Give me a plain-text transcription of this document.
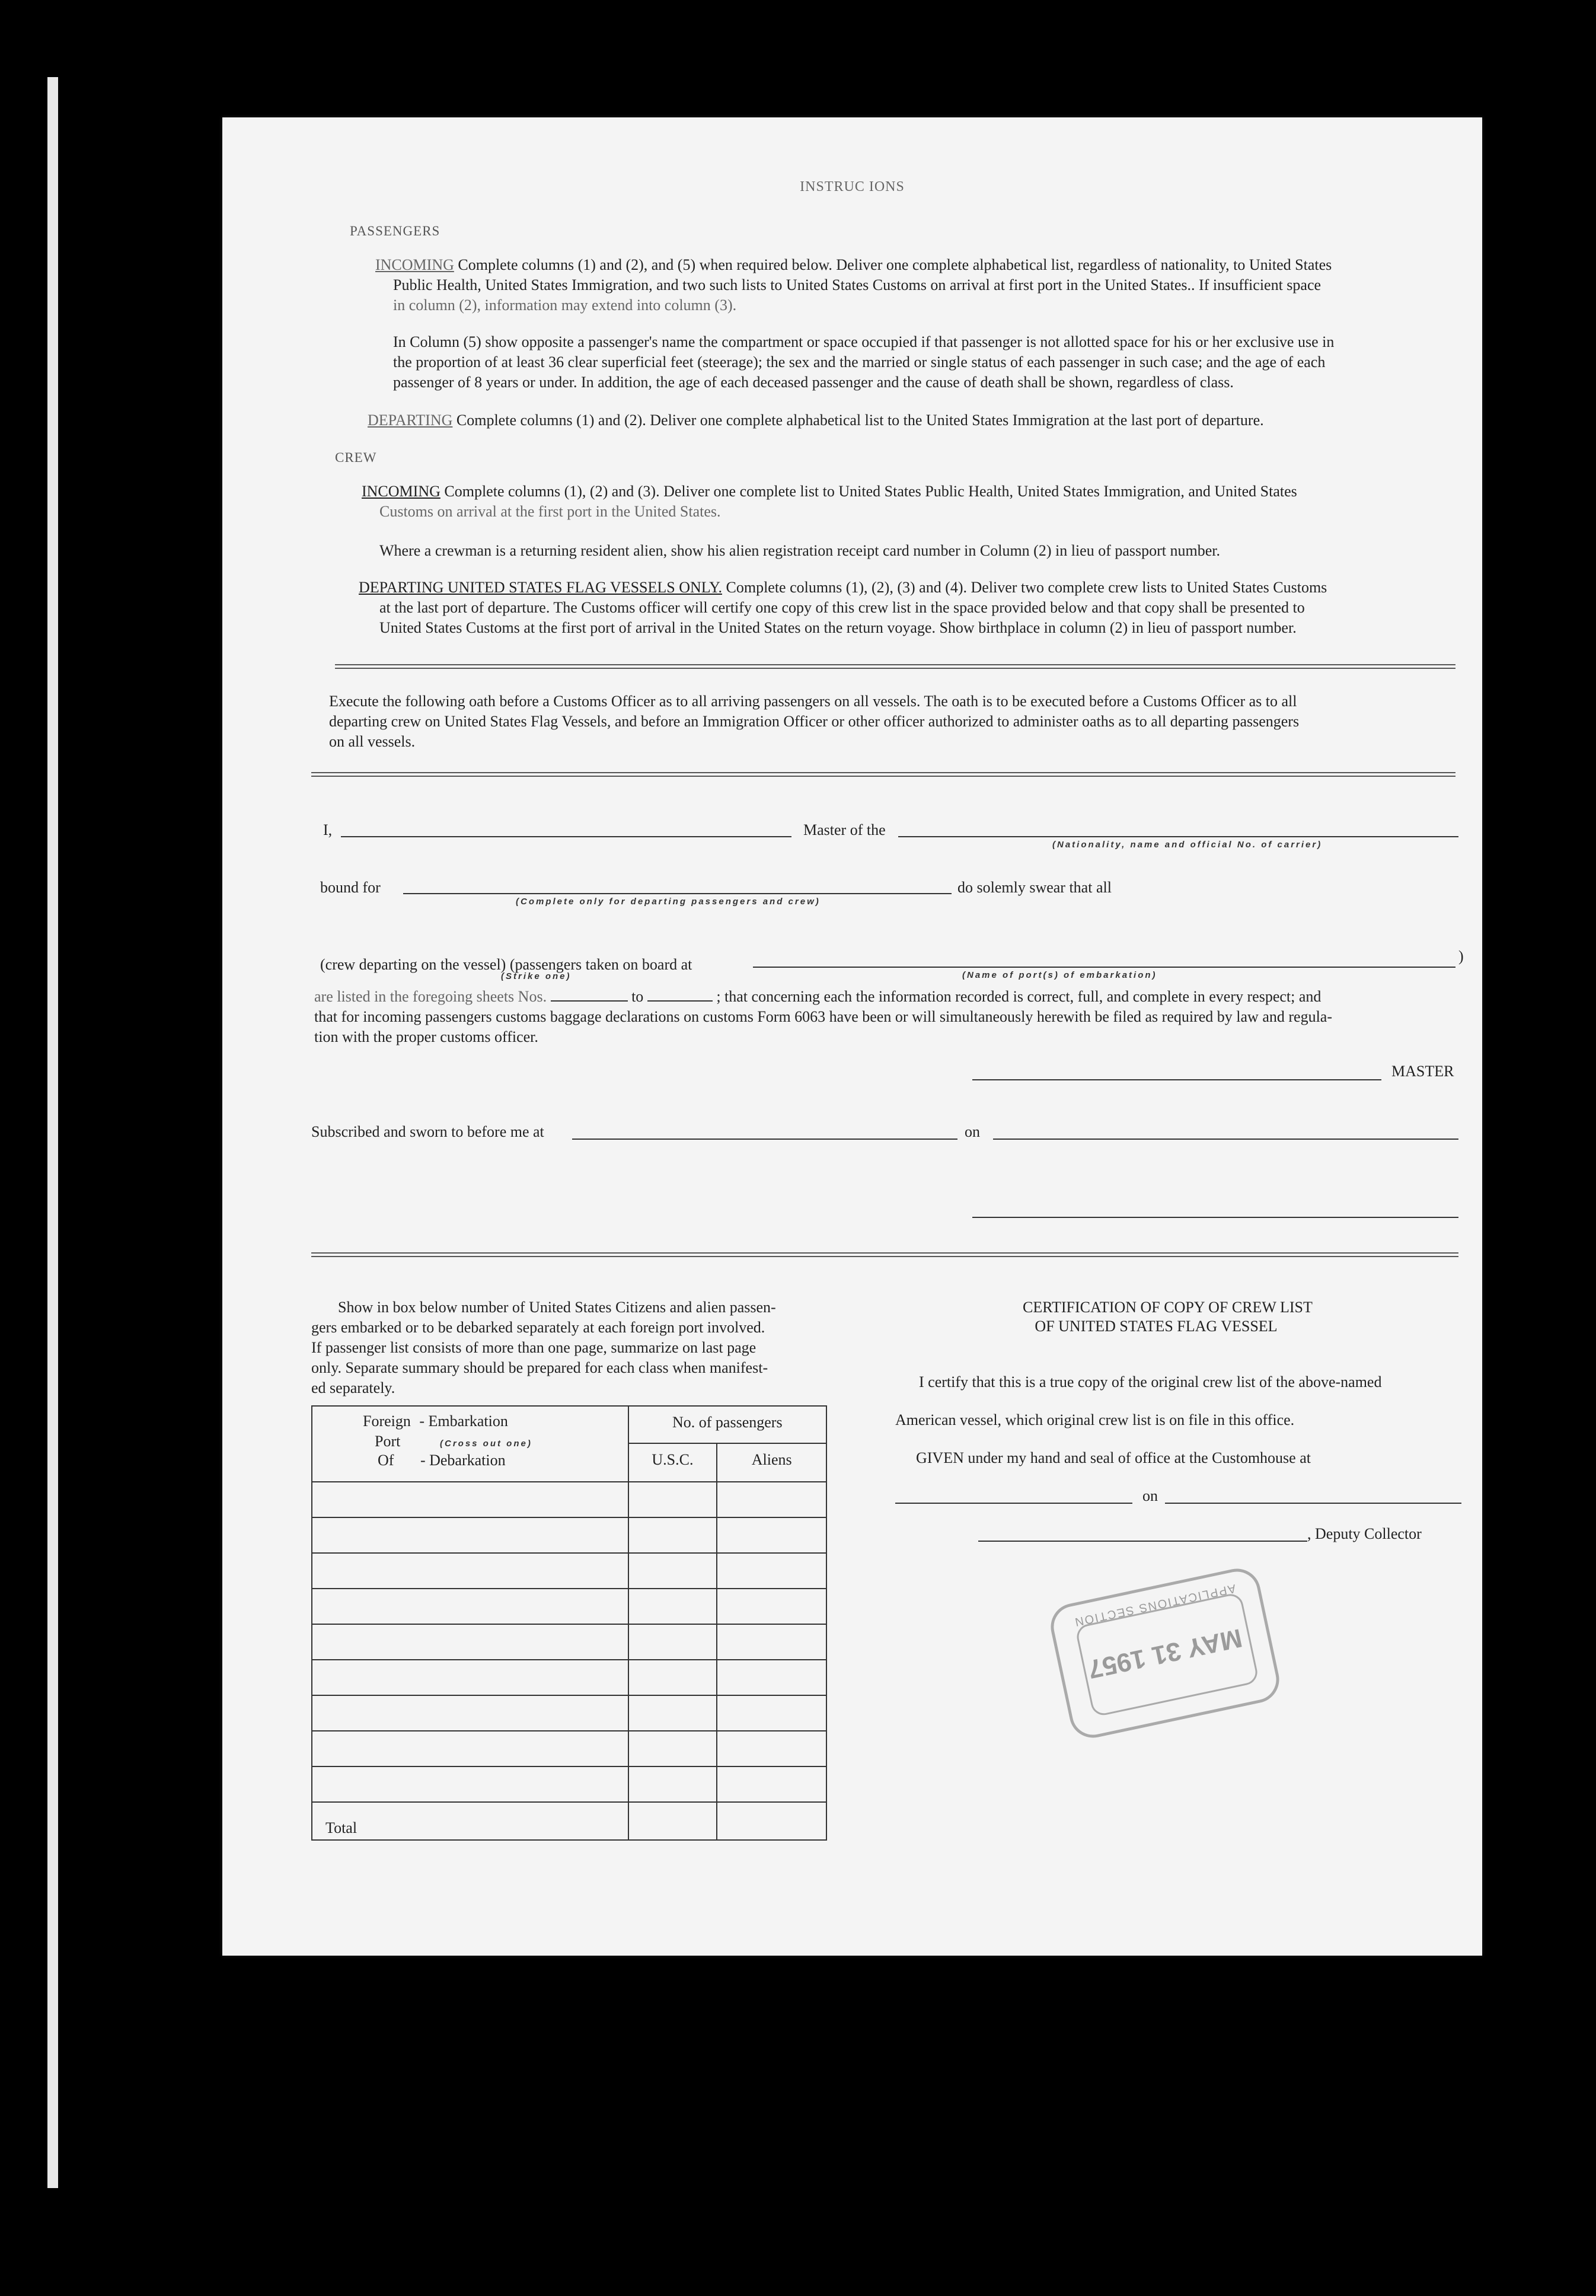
INSTRUC IONS
PASSENGERS
INCOMING Complete columns (1) and (2), and (5) when required below. Deliver one complete alphabetical list, regardless of nationality, to United States
Public Health, United States Immigration, and two such lists to United States Customs on arrival at first port in the United States.. If insufficient space
in column (2), information may extend into column (3).
In Column (5) show opposite a passenger's name the compartment or space occupied if that passenger is not allotted space for his or her exclusive use in
the proportion of at least 36 clear superficial feet (steerage); the sex and the married or single status of each passenger in such case; and the age of each
passenger of 8 years or under. In addition, the age of each deceased passenger and the cause of death shall be shown, regardless of class.
DEPARTING Complete columns (1) and (2). Deliver one complete alphabetical list to the United States Immigration at the last port of departure.
CREW
INCOMING Complete columns (1), (2) and (3). Deliver one complete list to United States Public Health, United States Immigration, and United States
Customs on arrival at the first port in the United States.
Where a crewman is a returning resident alien, show his alien registration receipt card number in Column (2) in lieu of passport number.
DEPARTING UNITED STATES FLAG VESSELS ONLY. Complete columns (1), (2), (3) and (4). Deliver two complete crew lists to United States Customs
at the last port of departure. The Customs officer will certify one copy of this crew list in the space provided below and that copy shall be presented to
United States Customs at the first port of arrival in the United States on the return voyage. Show birthplace in column (2) in lieu of passport number.
Execute the following oath before a Customs Officer as to all arriving passengers on all vessels. The oath is to be executed before a Customs Officer as to all
departing crew on United States Flag Vessels, and before an Immigration Officer or other officer authorized to administer oaths as to all departing passengers
on all vessels.
I,	Master of the
(Nationality, name and official No. of carrier)
bound for	do solemly swear that all
(Complete only for departing passengers and crew)
(crew departing on the vessel) (passengers taken on board at
(Strike one)
)
(Name of port(s) of embarkation)
are listed in the foregoing sheets Nos.	to	; that concerning each the information recorded is correct, full, and complete in every respect; and
that for incoming passengers customs baggage declarations on customs Form 6063 have been or will simultaneously herewith be filed as required by law and regula-
tion with the proper customs officer.
MASTER
Subscribed and sworn to before me at	on
Show in box below number of United States Citizens and alien passen-
gers embarked or to be debarked separately at each foreign port involved.
If passenger list consists of more than one page, summarize on last page
only. Separate summary should be prepared for each class when manifest-
ed separately.
Foreign - Embarkation
Port (Cross out one)
Of - Debarkation	No. of passengers	
	U.S.C.	Aliens

Total		
CERTIFICATION OF COPY OF CREW LIST
OF UNITED STATES FLAG VESSEL
I certify that this is a true copy of the original crew list of the above-named
American vessel, which original crew list is on file in this office.
GIVEN under my hand and seal of office at the Customhouse at
on
, Deputy Collector
APPLICATIONS SECTION
MAY 31 1957
